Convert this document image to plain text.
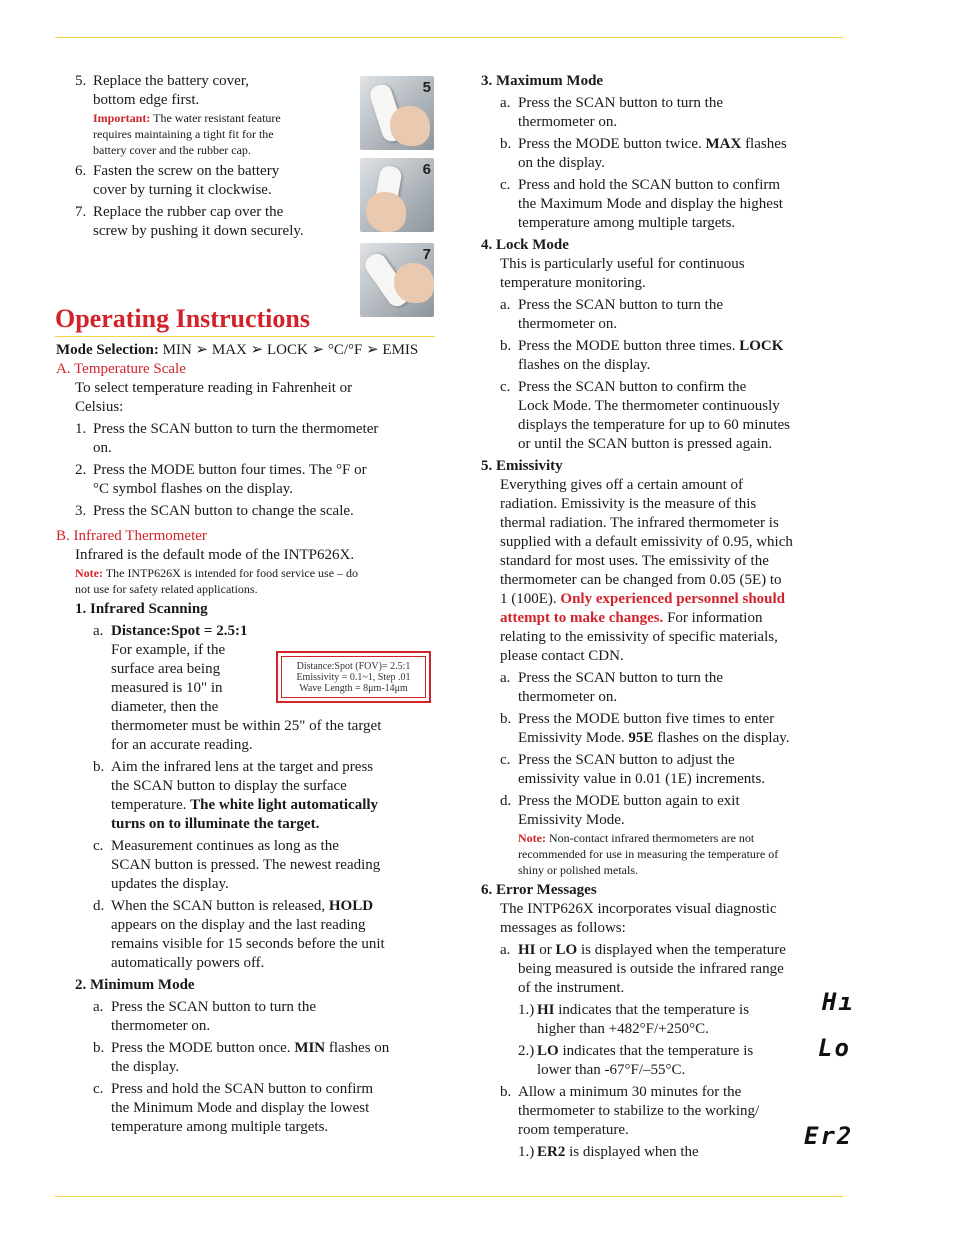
5
6
7
5. Replace the battery cover,
bottom edge first.
Important: The water resistant feature
requires maintaining a tight fit for the
battery cover and the rubber cap.
6. Fasten the screw on the battery
cover by turning it clockwise.
7. Replace the rubber cap over the
screw by pushing it down securely.
Operating Instructions
Mode Selection: MIN ➢ MAX ➢ LOCK ➢ °C/°F ➢ EMIS
A. Temperature Scale
To select temperature reading in Fahrenheit or
Celsius:
1. Press the SCAN button to turn the thermometer
on.
2. Press the MODE button four times. The °F or
°C symbol flashes on the display.
3. Press the SCAN button to change the scale.
B. Infrared Thermometer
Infrared is the default mode of the INTP626X.
Note: The INTP626X is intended for food service use – do
not use for safety related applications.
1. Infrared Scanning
a. Distance:Spot = 2.5:1
For example, if the
surface area being
measured is 10" in
diameter, then the
thermometer must be within 25" of the target
for an accurate reading.
b. Aim the infrared lens at the target and press
the SCAN button to display the surface
temperature. The white light automatically
turns on to illuminate the target.
c. Measurement continues as long as the
SCAN button is pressed. The newest reading
updates the display.
d. When the SCAN button is released, HOLD
appears on the display and the last reading
remains visible for 15 seconds before the unit
automatically powers off.
2. Minimum Mode
a. Press the SCAN button to turn the
thermometer on.
b. Press the MODE button once. MIN flashes on
the display.
c. Press and hold the SCAN button to confirm
the Minimum Mode and display the lowest
temperature among multiple targets.
Distance:Spot (FOV)= 2.5:1
Emissivity = 0.1~1, Step .01
Wave Length = 8μm-14μm
3. Maximum Mode
a. Press the SCAN button to turn the
thermometer on.
b. Press the MODE button twice. MAX flashes
on the display.
c. Press and hold the SCAN button to confirm
the Maximum Mode and display the highest
temperature among multiple targets.
4. Lock Mode
This is particularly useful for continuous
temperature monitoring.
a. Press the SCAN button to turn the
thermometer on.
b. Press the MODE button three times. LOCK
flashes on the display.
c. Press the SCAN button to confirm the
Lock Mode. The thermometer continuously
displays the temperature for up to 60 minutes
or until the SCAN button is pressed again.
5. Emissivity
Everything gives off a certain amount of
radiation. Emissivity is the measure of this
thermal radiation. The infrared thermometer is
supplied with a default emissivity of 0.95, which
standard for most uses. The emissivity of the
thermometer can be changed from 0.05 (5E) to
1 (100E). Only experienced personnel should
attempt to make changes. For information
relating to the emissivity of specific materials,
please contact CDN.
a. Press the SCAN button to turn the
thermometer on.
b. Press the MODE button five times to enter
Emissivity Mode. 95E flashes on the display.
c. Press the SCAN button to adjust the
emissivity value in 0.01 (1E) increments.
d. Press the MODE button again to exit
Emissivity Mode.
Note: Non-contact infrared thermometers are not
recommended for use in measuring the temperature of
shiny or polished metals.
6. Error Messages
The INTP626X incorporates visual diagnostic
messages as follows:
a. HI or LO is displayed when the temperature
being measured is outside the infrared range
of the instrument.
1.) HI indicates that the temperature is
higher than +482°F/+250°C.
2.) LO indicates that the temperature is
lower than -67°F/–55°C.
b. Allow a minimum 30 minutes for the
thermometer to stabilize to the working/
room temperature.
1.) ER2 is displayed when the
Hı
Lo
Er2
